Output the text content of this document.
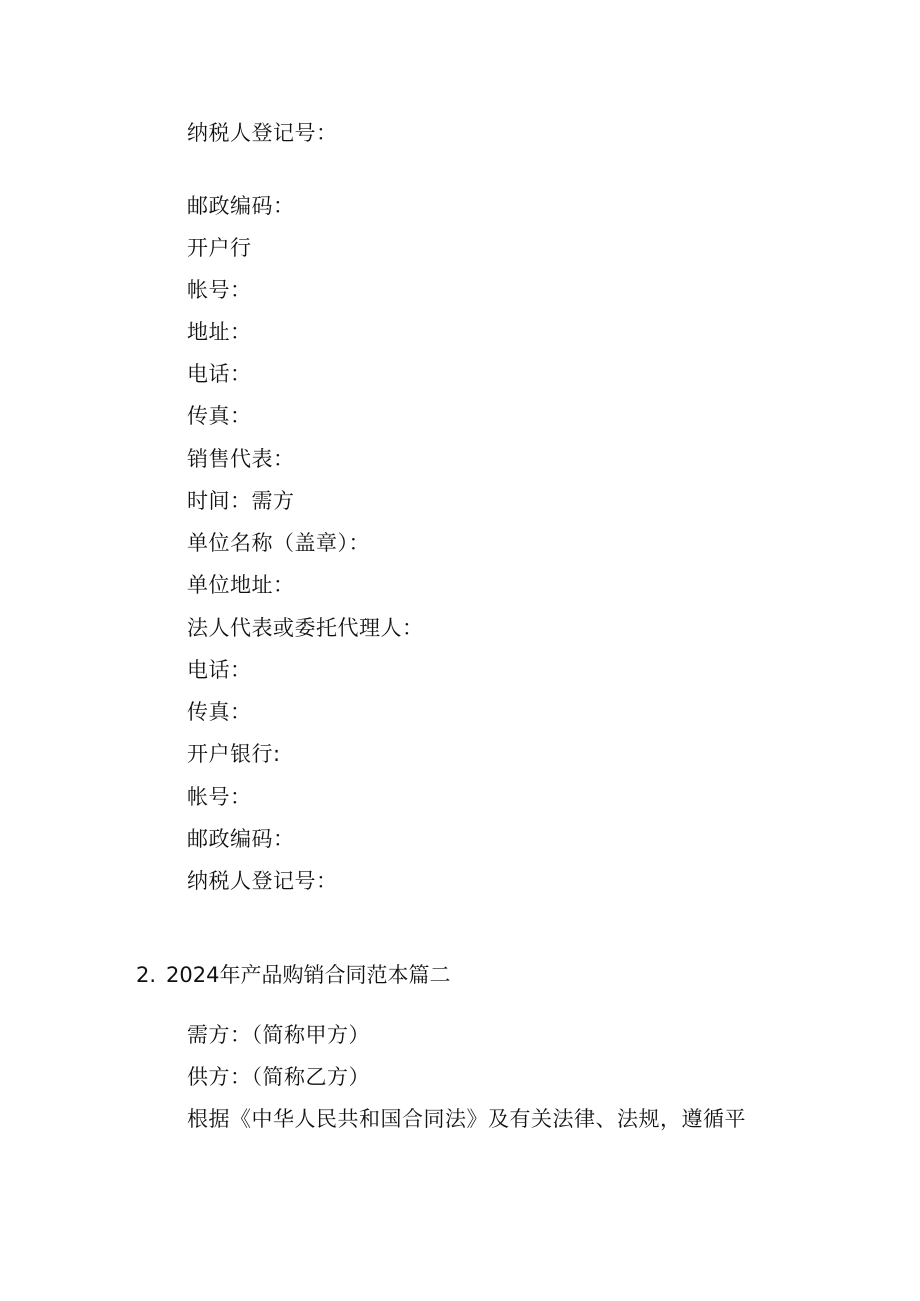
纳税人登记号：
邮政编码：
开户行
帐号：
地址：
电话：
传真：
销售代表：
时间：需方
单位名称（盖章）：
单位地址：
法人代表或委托代理人：
电话：
传真：
开户银行:
帐号：
邮政编码：
纳税人登记号：
2. 2024年产品购销合同范本篇二
需方：（简称甲方）
供方：（简称乙方）
根据《中华人民共和国合同法》及有关法律、法规，遵循平
